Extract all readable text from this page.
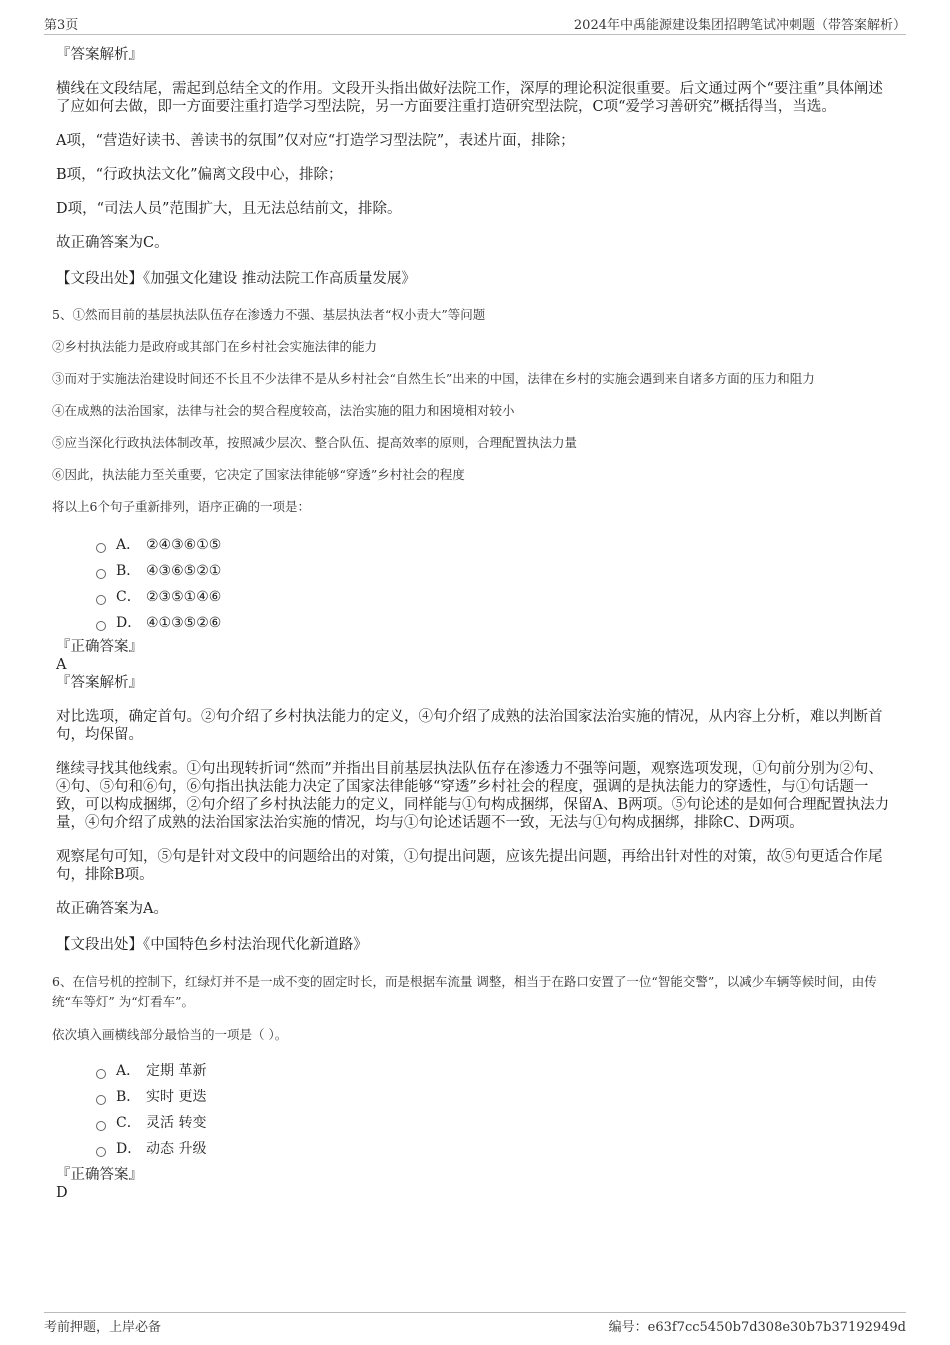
第3页	2024年中禹能源建设集团招聘笔试冲刺题（带答案解析）

『答案解析』

横线在文段结尾，需起到总结全文的作用。文段开头指出做好法院工作，深厚的理论积淀很重要。后文通过两个“要注重”具体阐述了应如何去做，即一方面要注重打造学习型法院，另一方面要注重打造研究型法院，C项“爱学习善研究”概括得当，当选。

A项，“营造好读书、善读书的氛围”仅对应“打造学习型法院”，表述片面，排除；

B项，“行政执法文化”偏离文段中心，排除；

D项，“司法人员”范围扩大，且无法总结前文，排除。

故正确答案为C。

【文段出处】《加强文化建设 推动法院工作高质量发展》

5、①然而目前的基层执法队伍存在渗透力不强、基层执法者“权小责大”等问题

②乡村执法能力是政府或其部门在乡村社会实施法律的能力

③而对于实施法治建设时间还不长且不少法律不是从乡村社会“自然生长”出来的中国，法律在乡村的实施会遇到来自诸多方面的压力和阻力

④在成熟的法治国家，法律与社会的契合程度较高，法治实施的阻力和困境相对较小

⑤应当深化行政执法体制改革，按照减少层次、整合队伍、提高效率的原则，合理配置执法力量

⑥因此，执法能力至关重要，它决定了国家法律能够“穿透”乡村社会的程度

将以上6个句子重新排列，语序正确的一项是：

A． ②④③⑥①⑤
B． ④③⑥⑤②①
C． ②③⑤①④⑥
D． ④①③⑤②⑥

『正确答案』

A

『答案解析』

对比选项，确定首句。②句介绍了乡村执法能力的定义，④句介绍了成熟的法治国家法治实施的情况，从内容上分析，难以判断首句，均保留。

继续寻找其他线索。①句出现转折词“然而”并指出目前基层执法队伍存在渗透力不强等问题，观察选项发现，①句前分别为②句、④句、⑤句和⑥句，⑥句指出执法能力决定了国家法律能够“穿透”乡村社会的程度，强调的是执法能力的穿透性，与①句话题一致，可以构成捆绑，②句介绍了乡村执法能力的定义，同样能与①句构成捆绑，保留A、B两项。⑤句论述的是如何合理配置执法力量，④句介绍了成熟的法治国家法治实施的情况，均与①句论述话题不一致，无法与①句构成捆绑，排除C、D两项。

观察尾句可知，⑤句是针对文段中的问题给出的对策，①句提出问题，应该先提出问题，再给出针对性的对策，故⑤句更适合作尾句，排除B项。

故正确答案为A。

【文段出处】《中国特色乡村法治现代化新道路》

6、在信号机的控制下，红绿灯并不是一成不变的固定时长，而是根据车流量 调整，相当于在路口安置了一位“智能交警”，以减少车辆等候时间，由传统“车等灯” 为“灯看车”。

依次填入画横线部分最恰当的一项是（ ）。

A． 定期 革新
B． 实时 更迭
C． 灵活 转变
D． 动态 升级

『正确答案』

D

考前押题，上岸必备	编号：e63f7cc5450b7d308e30b7b37192949d
